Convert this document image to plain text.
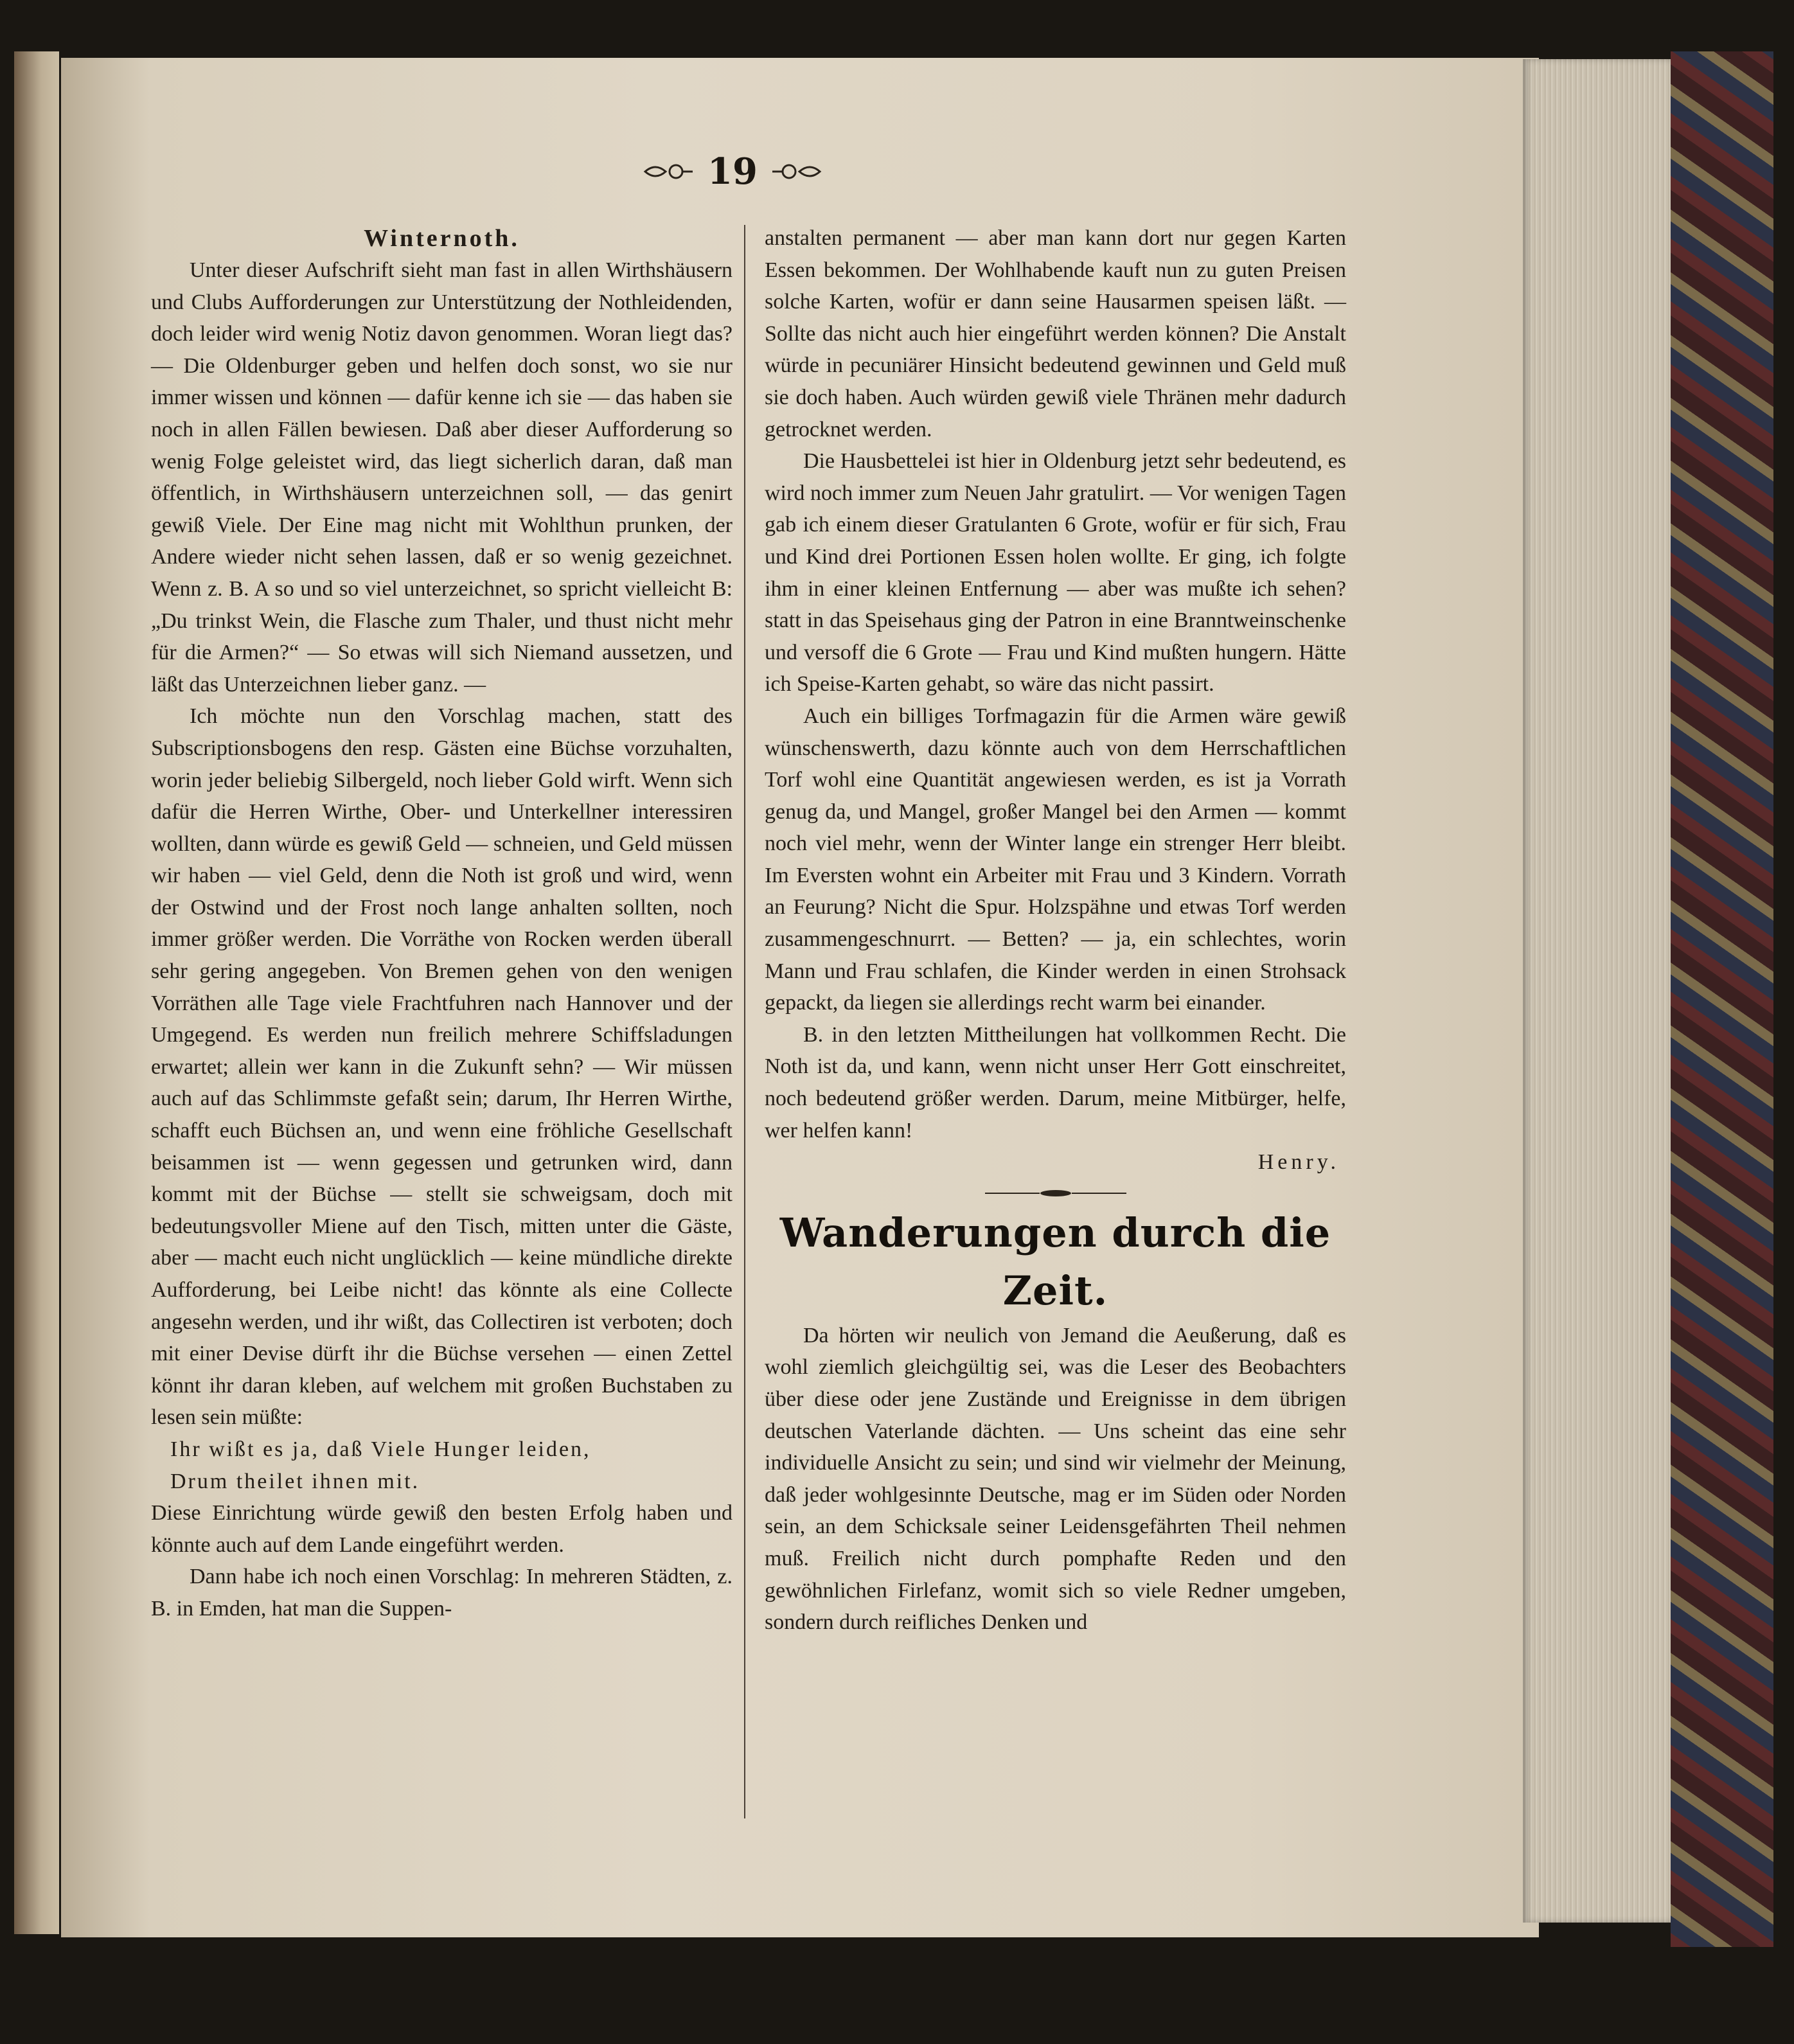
19

Winternoth.

Unter dieser Aufschrift sieht man fast in allen Wirthshäusern und Clubs Aufforderungen zur Unterstützung der Nothleidenden, doch leider wird wenig Notiz davon genommen. Woran liegt das? — Die Oldenburger geben und helfen doch sonst, wo sie nur immer wissen und können — dafür kenne ich sie — das haben sie noch in allen Fällen bewiesen. Daß aber dieser Aufforderung so wenig Folge geleistet wird, das liegt sicherlich daran, daß man öffentlich, in Wirthshäusern unterzeichnen soll, — das genirt gewiß Viele. Der Eine mag nicht mit Wohlthun prunken, der Andere wieder nicht sehen lassen, daß er so wenig gezeichnet. Wenn z. B. A so und so viel unterzeichnet, so spricht vielleicht B: „Du trinkst Wein, die Flasche zum Thaler, und thust nicht mehr für die Armen?“ — So etwas will sich Niemand aussetzen, und läßt das Unterzeichnen lieber ganz. —

Ich möchte nun den Vorschlag machen, statt des Subscriptionsbogens den resp. Gästen eine Büchse vorzuhalten, worin jeder beliebig Silbergeld, noch lieber Gold wirft. Wenn sich dafür die Herren Wirthe, Ober- und Unterkellner interessiren wollten, dann würde es gewiß Geld — schneien, und Geld müssen wir haben — viel Geld, denn die Noth ist groß und wird, wenn der Ostwind und der Frost noch lange anhalten sollten, noch immer größer werden. Die Vorräthe von Rocken werden überall sehr gering angegeben. Von Bremen gehen von den wenigen Vorräthen alle Tage viele Frachtfuhren nach Hannover und der Umgegend. Es werden nun freilich mehrere Schiffsladungen erwartet; allein wer kann in die Zukunft sehn? — Wir müssen auch auf das Schlimmste gefaßt sein; darum, Ihr Herren Wirthe, schafft euch Büchsen an, und wenn eine fröhliche Gesellschaft beisammen ist — wenn gegessen und getrunken wird, dann kommt mit der Büchse — stellt sie schweigsam, doch mit bedeutungsvoller Miene auf den Tisch, mitten unter die Gäste, aber — macht euch nicht unglücklich — keine mündliche direkte Aufforderung, bei Leibe nicht! das könnte als eine Collecte angesehn werden, und ihr wißt, das Collectiren ist verboten; doch mit einer Devise dürft ihr die Büchse versehen — einen Zettel könnt ihr daran kleben, auf welchem mit großen Buchstaben zu lesen sein müßte:

Ihr wißt es ja, daß Viele Hunger leiden,

Drum theilet ihnen mit.

Diese Einrichtung würde gewiß den besten Erfolg haben und könnte auch auf dem Lande eingeführt werden.

Dann habe ich noch einen Vorschlag: In mehreren Städten, z. B. in Emden, hat man die Suppen-

anstalten permanent — aber man kann dort nur gegen Karten Essen bekommen. Der Wohlhabende kauft nun zu guten Preisen solche Karten, wofür er dann seine Hausarmen speisen läßt. — Sollte das nicht auch hier eingeführt werden können? Die Anstalt würde in pecuniärer Hinsicht bedeutend gewinnen und Geld muß sie doch haben. Auch würden gewiß viele Thränen mehr dadurch getrocknet werden.

Die Hausbettelei ist hier in Oldenburg jetzt sehr bedeutend, es wird noch immer zum Neuen Jahr gratulirt. — Vor wenigen Tagen gab ich einem dieser Gratulanten 6 Grote, wofür er für sich, Frau und Kind drei Portionen Essen holen wollte. Er ging, ich folgte ihm in einer kleinen Entfernung — aber was mußte ich sehen? statt in das Speisehaus ging der Patron in eine Branntweinschenke und versoff die 6 Grote — Frau und Kind mußten hungern. Hätte ich Speise-Karten gehabt, so wäre das nicht passirt.

Auch ein billiges Torfmagazin für die Armen wäre gewiß wünschenswerth, dazu könnte auch von dem Herrschaftlichen Torf wohl eine Quantität angewiesen werden, es ist ja Vorrath genug da, und Mangel, großer Mangel bei den Armen — kommt noch viel mehr, wenn der Winter lange ein strenger Herr bleibt. Im Eversten wohnt ein Arbeiter mit Frau und 3 Kindern. Vorrath an Feurung? Nicht die Spur. Holzspähne und etwas Torf werden zusammengeschnurrt. — Betten? — ja, ein schlechtes, worin Mann und Frau schlafen, die Kinder werden in einen Strohsack gepackt, da liegen sie allerdings recht warm bei einander.

B. in den letzten Mittheilungen hat vollkommen Recht. Die Noth ist da, und kann, wenn nicht unser Herr Gott einschreitet, noch bedeutend größer werden. Darum, meine Mitbürger, helfe, wer helfen kann!

Henry.

Wanderungen durch die Zeit.

Da hörten wir neulich von Jemand die Aeußerung, daß es wohl ziemlich gleichgültig sei, was die Leser des Beobachters über diese oder jene Zustände und Ereignisse in dem übrigen deutschen Vaterlande dächten. — Uns scheint das eine sehr individuelle Ansicht zu sein; und sind wir vielmehr der Meinung, daß jeder wohlgesinnte Deutsche, mag er im Süden oder Norden sein, an dem Schicksale seiner Leidensgefährten Theil nehmen muß. Freilich nicht durch pomphafte Reden und den gewöhnlichen Firlefanz, womit sich so viele Redner umgeben, sondern durch reifliches Denken und
